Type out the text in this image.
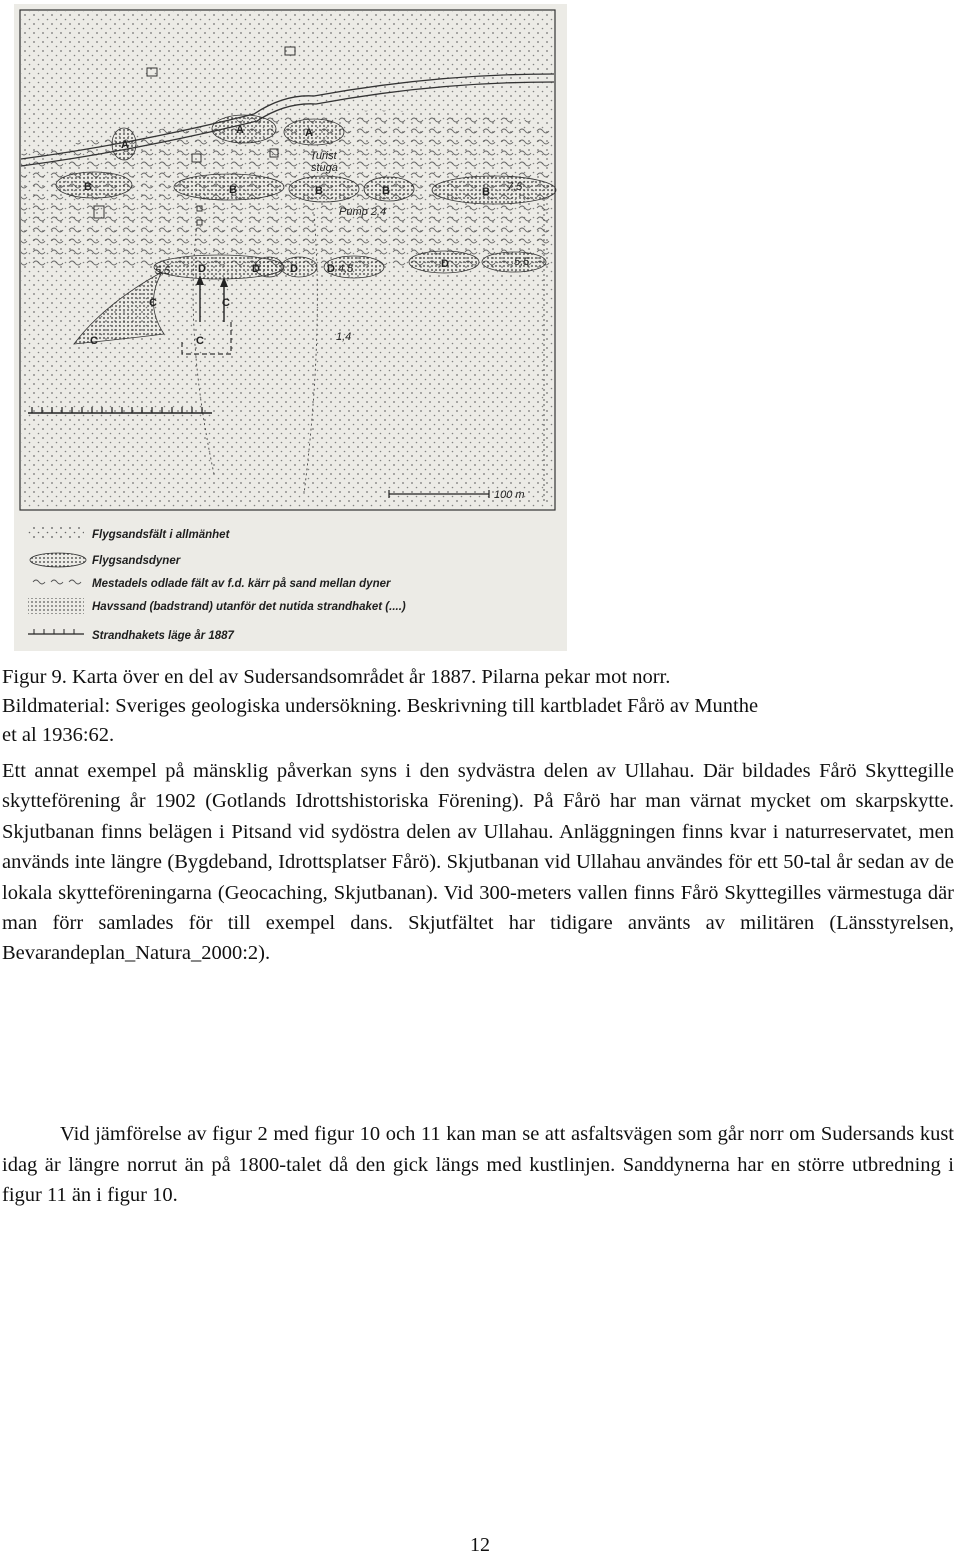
A
A	A
B	B	B	B	B
D	D	D	D	D
C
C
C
C
100 m
Turist
stuga
Pump 2,4
7,5
5,5	4,5
5,5
1,4
Flygsandsfält i allmänhet
Flygsandsdyner
Mestadels odlade fält av f.d. kärr på sand mellan dyner
Havssand (badstrand) utanför det nutida strandhaket (....)
Strandhakets läge år 1887
Figur 9. Karta över en del av Sudersandsområdet år 1887. Pilarna pekar mot norr.
Bildmaterial: Sveriges geologiska undersökning. Beskrivning till kartbladet Fårö av Munthe
et al 1936:62.

Ett annat exempel på mänsklig påverkan syns i den sydvästra delen av Ullahau. Där bildades Fårö Skyttegille skytteförening år 1902 (Gotlands Idrottshistoriska Förening). På Fårö har man värnat mycket om skarpskytte. Skjutbanan finns belägen i Pitsand vid sydöstra delen av Ullahau. Anläggningen finns kvar i naturreservatet, men används inte längre (Bygdeband, Idrottsplatser Fårö). Skjutbanan vid Ullahau användes för ett 50-tal år sedan av de lokala skytteföreningarna (Geocaching, Skjutbanan). Vid 300-meters vallen finns Fårö Skyttegilles värmestuga där man förr samlades för till exempel dans. Skjutfältet har tidigare använts av militären (Länsstyrelsen, Bevarandeplan_Natura_2000:2).

Vid jämförelse av figur 2 med figur 10 och 11 kan man se att asfaltsvägen som går norr om Sudersands kust idag är längre norrut än på 1800-talet då den gick längs med kustlinjen. Sanddynerna har en större utbredning i figur 11 än i figur 10.

12
